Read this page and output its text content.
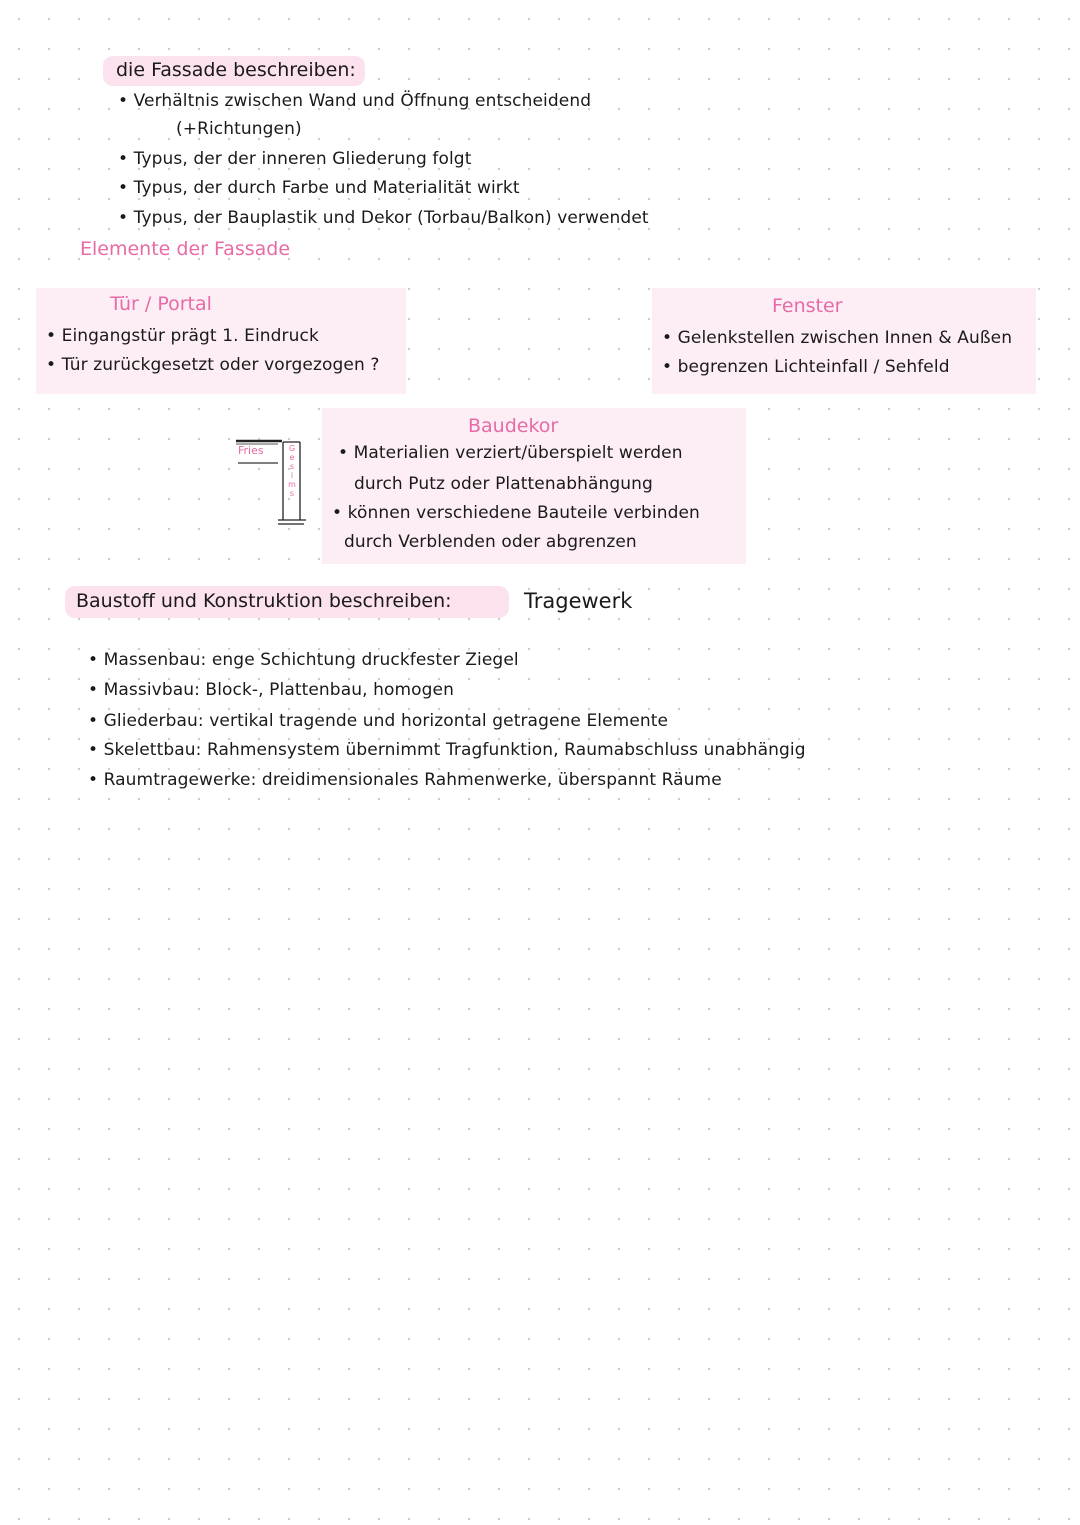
die Fassade beschreiben:
• Verhältnis zwischen Wand und Öffnung entscheidend
(+Richtungen)
• Typus, der der inneren Gliederung folgt
• Typus, der durch Farbe und Materialität wirkt
• Typus, der Bauplastik und Dekor (Torbau/Balkon) verwendet
Elemente der Fassade
Tür / Portal
• Eingangstür prägt 1. Eindruck
• Tür zurückgesetzt oder vorgezogen ?
Fenster
• Gelenkstellen zwischen Innen & Außen
• begrenzen Lichteinfall / Sehfeld
Fries	G
e
s
i
m
s
Baudekor
• Materialien verziert/überspielt werden
durch Putz oder Plattenabhängung
• können verschiedene Bauteile verbinden
durch Verblenden oder abgrenzen
Baustoff und Konstruktion beschreiben:	Tragewerk
• Massenbau: enge Schichtung druckfester Ziegel
• Massivbau: Block-, Plattenbau, homogen
• Gliederbau: vertikal tragende und horizontal getragene Elemente
• Skelettbau: Rahmensystem übernimmt Tragfunktion, Raumabschluss unabhängig
• Raumtragewerke: dreidimensionales Rahmenwerke, überspannt Räume
